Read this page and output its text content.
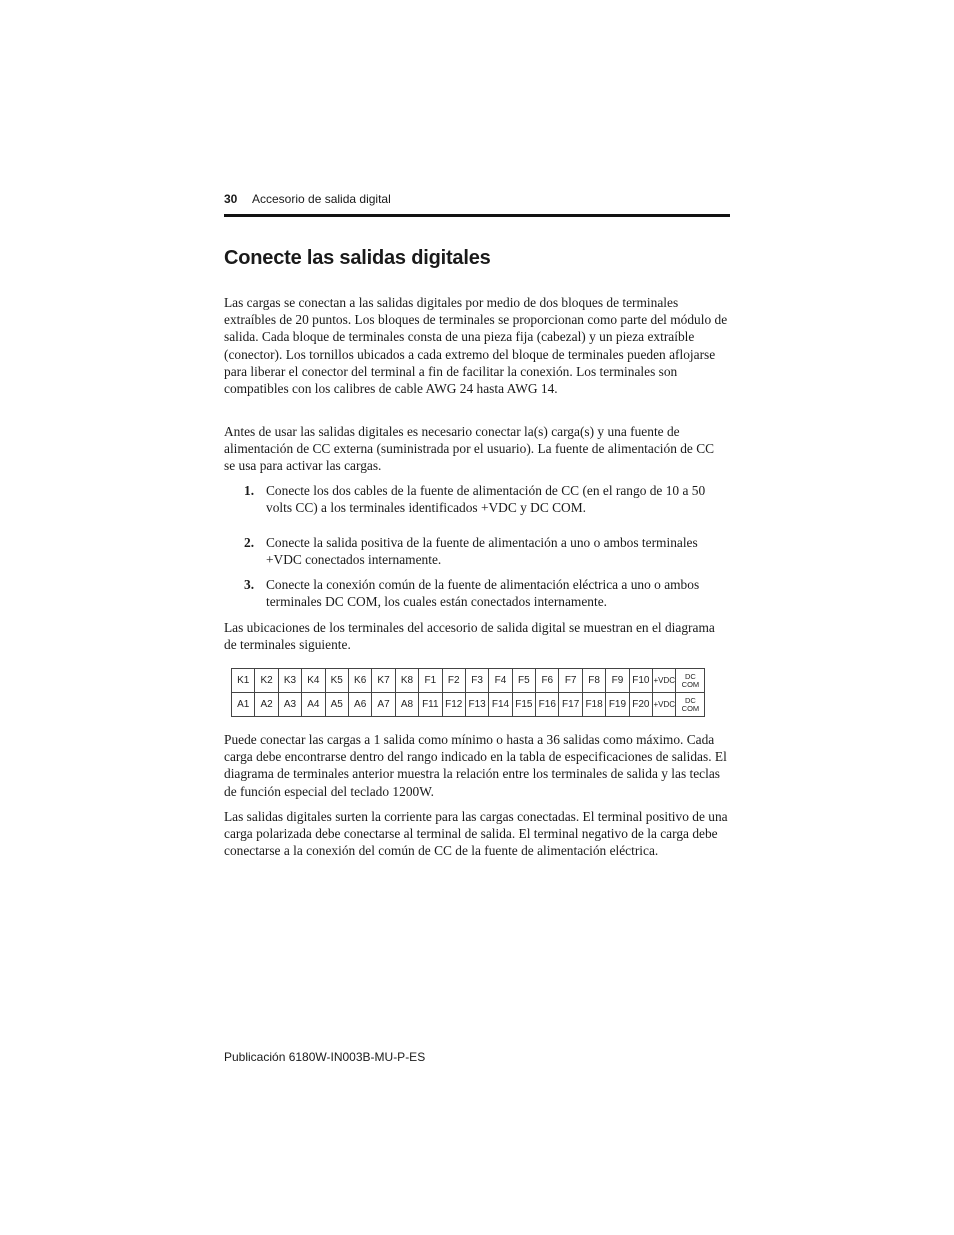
30 Accesorio de salida digital
Conecte las salidas digitales

Las cargas se conectan a las salidas digitales por medio de dos bloques de terminales extraíbles de 20 puntos. Los bloques de terminales se proporcionan como parte del módulo de salida. Cada bloque de terminales consta de una pieza fija (cabezal) y un pieza extraíble (conector). Los tornillos ubicados a cada extremo del bloque de terminales pueden aflojarse para liberar el conector del terminal a fin de facilitar la conexión. Los terminales son compatibles con los calibres de cable AWG 24 hasta AWG 14.

Antes de usar las salidas digitales es necesario conectar la(s) carga(s) y una fuente de alimentación de CC externa (suministrada por el usuario). La fuente de alimentación de CC se usa para activar las cargas.

1. Conecte los dos cables de la fuente de alimentación de CC (en el rango de 10 a 50 volts CC) a los terminales identificados +VDC y DC COM.
2. Conecte la salida positiva de la fuente de alimentación a uno o ambos terminales +VDC conectados internamente.
3. Conecte la conexión común de la fuente de alimentación eléctrica a uno o ambos terminales DC COM, los cuales están conectados internamente.

Las ubicaciones de los terminales del accesorio de salida digital se muestran en el diagrama de terminales siguiente.

K1	K2	K3	K4	K5	K6	K7	K8	F1	F2	F3	F4	F5	F6	F7	F8	F9	F10	+VDC	DC
COM
A1	A2	A3	A4	A5	A6	A7	A8	F11	F12	F13	F14	F15	F16	F17	F18	F19	F20	+VDC	DC
COM

Puede conectar las cargas a 1 salida como mínimo o hasta a 36 salidas como máximo. Cada carga debe encontrarse dentro del rango indicado en la tabla de especificaciones de salidas. El diagrama de terminales anterior muestra la relación entre los terminales de salida y las teclas de función especial del teclado 1200W.

Las salidas digitales surten la corriente para las cargas conectadas. El terminal positivo de una carga polarizada debe conectarse al terminal de salida. El terminal negativo de la carga debe conectarse a la conexión del común de CC de la fuente de alimentación eléctrica.

Publicación 6180W-IN003B-MU-P-ES
